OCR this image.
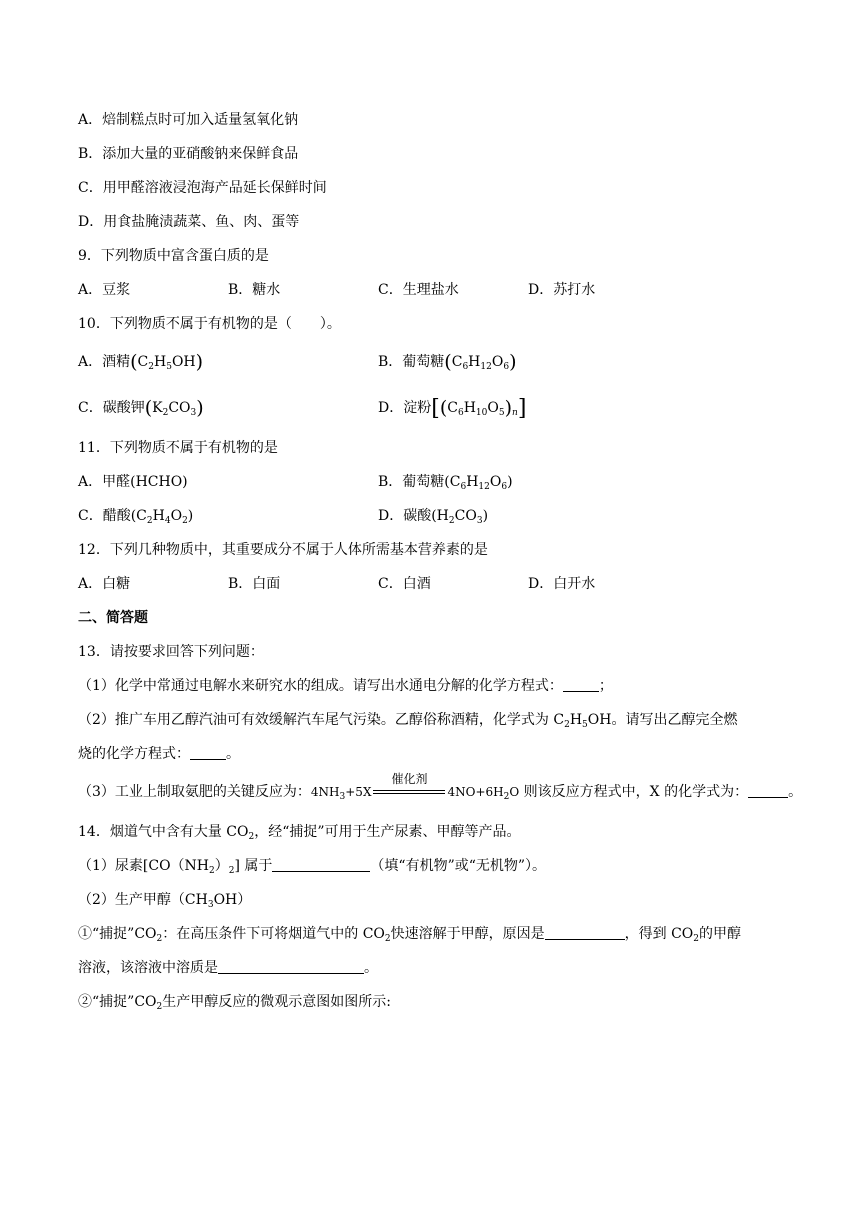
A．焙制糕点时可加入适量氢氧化钠
B．添加大量的亚硝酸钠来保鲜食品
C．用甲醛溶液浸泡海产品延长保鲜时间
D．用食盐腌渍蔬菜、鱼、肉、蛋等
9．下列物质中富含蛋白质的是
A．豆浆	B．糖水	C．生理盐水	D．苏打水
10．下列物质不属于有机物的是（　　）。
A．酒精$(C_2H_5OH)$	B．葡萄糖$(C_6H_{12}O_6)$
C．碳酸钾$(K_2CO_3)$	D．淀粉$[(C_6H_{10}O_5)_n]$
11．下列物质不属于有机物的是
A．甲醛(HCHO)	B．葡萄糖$(C_6H_{12}O_6)$
C．醋酸$(C_2H_4O_2)$	D．碳酸$(H_2CO_3)$
12．下列几种物质中，其重要成分不属于人体所需基本营养素的是
A．白糖	B．白面	C．白酒	D．白开水
二、简答题
13．请按要求回答下列问题：
（1）化学中常通过电解水来研究水的组成。请写出水通电分解的化学方程式：	；
（2）推广车用乙醇汽油可有效缓解汽车尾气污染。乙醇俗称酒精，化学式为 $C_2H_5OH$。请写出乙醇完全燃
烧的化学方程式：	。
（3）工业上制取氨肥的关键反应为：$4NH_3+5X$
催化剂
$4NO+6H_2O$ 则该反应方程式中，X 的化学式为：	。
14．烟道气中含有大量 $CO_2$，经“捕捉”可用于生产尿素、甲醇等产品。
（1）尿素$[CO(NH_2)_2]$ 属于	（填“有机物”或“无机物”）。
（2）生产甲醇$(CH_3OH)$
①“捕捉$”CO_2$：在高压条件下可将烟道气中的 $CO_2$快速溶解于甲醇，原因是	，得到 $CO_2$的甲醇
溶液，该溶液中溶质是	。
②“捕捉$”CO_2$生产甲醇反应的微观示意图如图所示:
